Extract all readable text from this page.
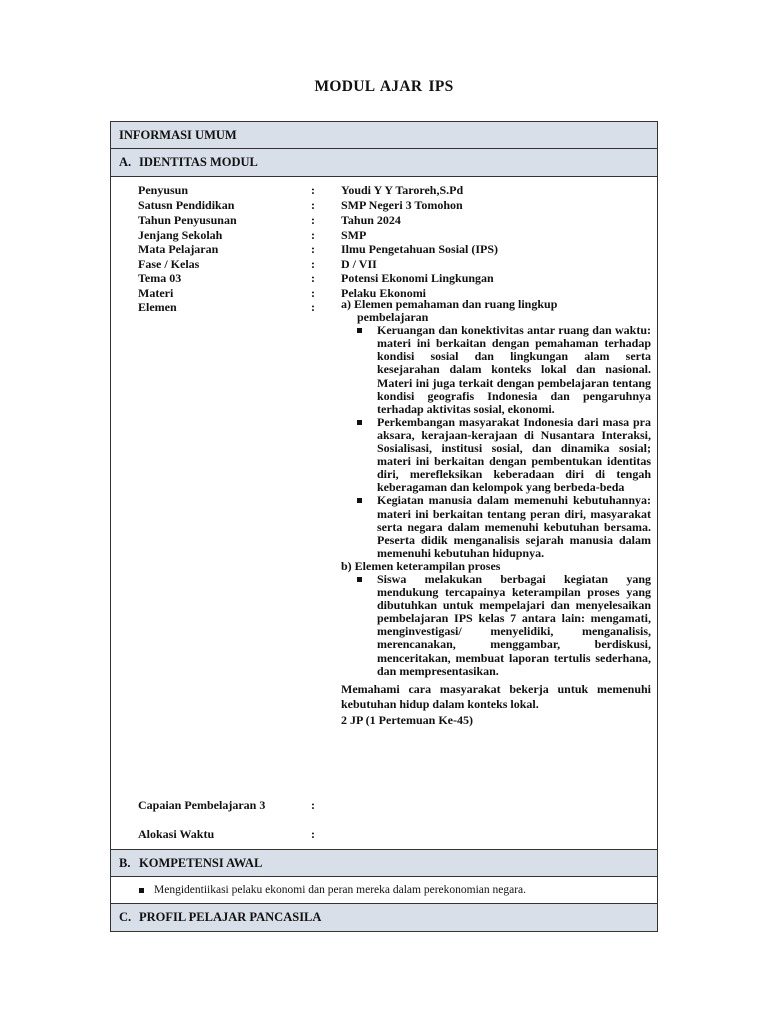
MODUL AJAR IPS
INFORMASI UMUM
A. IDENTITAS MODUL
Penyusun
Satusn Pendidikan
Tahun Penyusunan
Jenjang Sekolah
Mata Pelajaran
Fase / Kelas
Tema 03
Materi
Elemen
:
:
:
:
:
:
:
:
:
Youdi Y Y Taroreh,S.Pd
SMP Negeri 3 Tomohon
Tahun 2024
SMP
Ilmu Pengetahuan Sosial (IPS)
D / VII
Potensi Ekonomi Lingkungan
Pelaku Ekonomi
a) Elemen pemahaman dan ruang lingkup
pembelajaran
Keruangan dan konektivitas antar ruang dan waktu: materi ini berkaitan dengan pemahaman terhadap kondisi sosial dan lingkungan alam serta kesejarahan dalam konteks lokal dan nasional. Materi ini juga terkait dengan pembelajaran tentang kondisi geografis Indonesia dan pengaruhnya terhadap aktivitas sosial, ekonomi.
Perkembangan masyarakat Indonesia dari masa pra aksara, kerajaan-kerajaan di Nusantara Interaksi, Sosialisasi, institusi sosial, dan dinamika sosial; materi ini berkaitan dengan pembentukan identitas diri, merefleksikan keberadaan diri di tengah keberagaman dan kelompok yang berbeda-beda
Kegiatan manusia dalam memenuhi kebutuhannya: materi ini berkaitan tentang peran diri, masyarakat serta negara dalam memenuhi kebutuhan bersama. Peserta didik menganalisis sejarah manusia dalam memenuhi kebutuhan hidupnya.
b) Elemen keterampilan proses
Siswa melakukan berbagai kegiatan yang mendukung tercapainya keterampilan proses yang dibutuhkan untuk mempelajari dan menyelesaikan pembelajaran IPS kelas 7 antara lain: mengamati, menginvestigasi/ menyelidiki, menganalisis, merencanakan, menggambar, berdiskusi, menceritakan, membuat laporan tertulis sederhana, dan mempresentasikan.
Memahami cara masyarakat bekerja untuk memenuhi kebutuhan hidup dalam konteks lokal.
2 JP (1 Pertemuan Ke-45)
Capaian Pembelajaran 3	:
Alokasi Waktu	:
B. KOMPETENSI AWAL
Mengidentiikasi pelaku ekonomi dan peran mereka dalam perekonomian negara.
C. PROFIL PELAJAR PANCASILA
